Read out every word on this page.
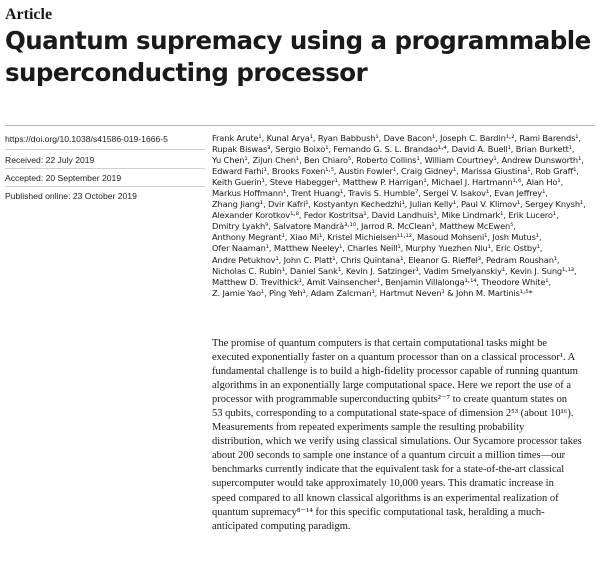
Article
Quantum supremacy using a programmable
superconducting processor
https://doi.org/10.1038/s41586-019-1666-5
Received: 22 July 2019
Accepted: 20 September 2019
Published online: 23 October 2019
Frank Arute¹, Kunal Arya¹, Ryan Babbush¹, Dave Bacon¹, Joseph C. Bardin¹˒², Rami Barends¹,
Rupak Biswas³, Sergio Boixo¹, Fernando G. S. L. Brandao¹˒⁴, David A. Buell¹, Brian Burkett¹,
Yu Chen¹, Zijun Chen¹, Ben Chiaro⁵, Roberto Collins¹, William Courtney¹, Andrew Dunsworth¹,
Edward Farhi¹, Brooks Foxen¹˒⁵, Austin Fowler¹, Craig Gidney¹, Marissa Giustina¹, Rob Graff¹,
Keith Guerin¹, Steve Habegger¹, Matthew P. Harrigan¹, Michael J. Hartmann¹˒⁶, Alan Ho¹,
Markus Hoffmann¹, Trent Huang¹, Travis S. Humble⁷, Sergei V. Isakov¹, Evan Jeffrey¹,
Zhang Jiang¹, Dvir Kafri¹, Kostyantyn Kechedzhi¹, Julian Kelly¹, Paul V. Klimov¹, Sergey Knysh¹,
Alexander Korotkov¹˒⁸, Fedor Kostritsa¹, David Landhuis¹, Mike Lindmark¹, Erik Lucero¹,
Dmitry Lyakh⁹, Salvatore Mandrà³˒¹⁰, Jarrod R. McClean¹, Matthew McEwen⁵,
Anthony Megrant¹, Xiao Mi¹, Kristel Michielsen¹¹˒¹², Masoud Mohseni¹, Josh Mutus¹,
Ofer Naaman¹, Matthew Neeley¹, Charles Neill¹, Murphy Yuezhen Niu¹, Eric Ostby¹,
Andre Petukhov¹, John C. Platt¹, Chris Quintana¹, Eleanor G. Rieffel³, Pedram Roushan¹,
Nicholas C. Rubin¹, Daniel Sank¹, Kevin J. Satzinger¹, Vadim Smelyanskiy¹, Kevin J. Sung¹˒¹³,
Matthew D. Trevithick¹, Amit Vainsencher¹, Benjamin Villalonga¹˒¹⁴, Theodore White¹,
Z. Jamie Yao¹, Ping Yeh¹, Adam Zalcman¹, Hartmut Neven¹ & John M. Martinis¹˒⁵*
The promise of quantum computers is that certain computational tasks might be
executed exponentially faster on a quantum processor than on a classical processor¹. A
fundamental challenge is to build a high-fidelity processor capable of running quantum
algorithms in an exponentially large computational space. Here we report the use of a
processor with programmable superconducting qubits²⁻⁷ to create quantum states on
53 qubits, corresponding to a computational state-space of dimension 2⁵³ (about 10¹⁶).
Measurements from repeated experiments sample the resulting probability
distribution, which we verify using classical simulations. Our Sycamore processor takes
about 200 seconds to sample one instance of a quantum circuit a million times—our
benchmarks currently indicate that the equivalent task for a state-of-the-art classical
supercomputer would take approximately 10,000 years. This dramatic increase in
speed compared to all known classical algorithms is an experimental realization of
quantum supremacy⁸⁻¹⁴ for this specific computational task, heralding a much-
anticipated computing paradigm.
